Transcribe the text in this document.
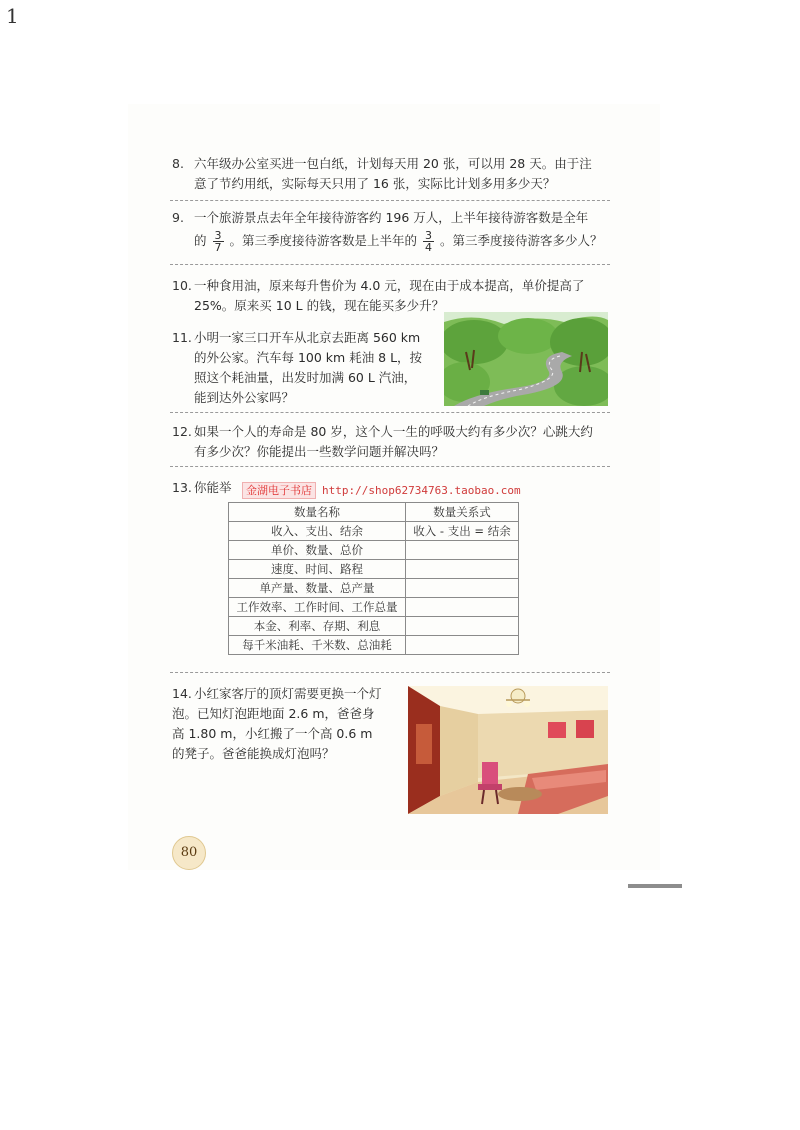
1
8. 六年级办公室买进一包白纸，计划每天用 20 张，可以用 28 天。由于注
意了节约用纸，实际每天只用了 16 张，实际比计划多用多少天？
9. 一个旅游景点去年全年接待游客约 196 万人，上半年接待游客数是全年
的 $\frac{3}{7}$ 。第三季度接待游客数是上半年的 $\frac{3}{4}$ 。第三季度接待游客多少人？
10. 一种食用油，原来每升售价为 4.0 元，现在由于成本提高，单价提高了
25%。原来买 10 L 的钱，现在能买多少升？
11. 小明一家三口开车从北京去距离 560 km
的外公家。汽车每 100 km 耗油 8 L，按
照这个耗油量，出发时加满 60 L 汽油，
能到达外公家吗？
12. 如果一个人的寿命是 80 岁，这个人一生的呼吸大约有多少次？心跳大约
有多少次？你能提出一些数学问题并解决吗？
13. 你能举	金湖电子书店 http://shop62734763.taobao.com
数量名称	数量关系式
收入、支出、结余	收入 - 支出 = 结余
单价、数量、总价	
速度、时间、路程	
单产量、数量、总产量	
工作效率、工作时间、工作总量	
本金、利率、存期、利息	
每千米油耗、千米数、总油耗	
14. 小红家客厅的顶灯需要更换一个灯
泡。已知灯泡距地面 2.6 m，爸爸身
高 1.80 m，小红搬了一个高 0.6 m
的凳子。爸爸能换成灯泡吗？
80
